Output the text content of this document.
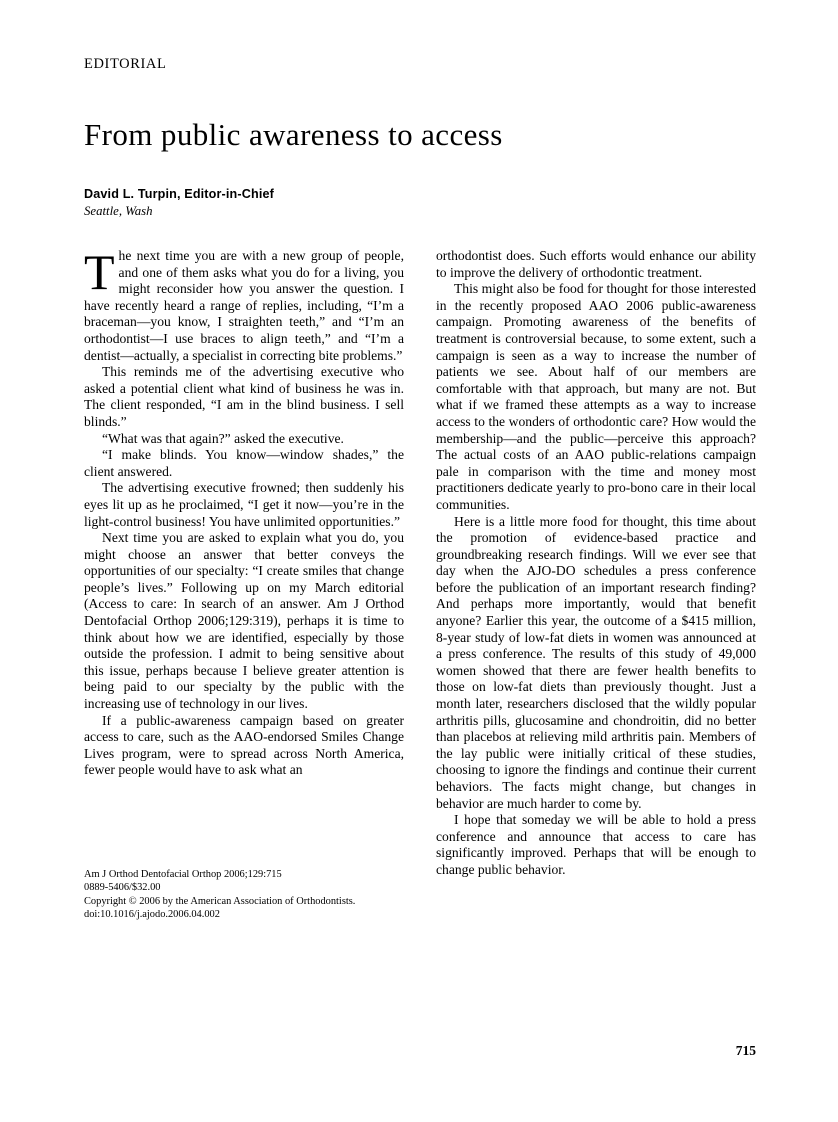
EDITORIAL
From public awareness to access
David L. Turpin, Editor-in-Chief
Seattle, Wash

The next time you are with a new group of people, and one of them asks what you do for a living, you might reconsider how you answer the question. I have recently heard a range of replies, including, “I’m a braceman—you know, I straighten teeth,” and “I’m an orthodontist—I use braces to align teeth,” and “I’m a dentist—actually, a specialist in correcting bite problems.”

This reminds me of the advertising executive who asked a potential client what kind of business he was in. The client responded, “I am in the blind business. I sell blinds.”

“What was that again?” asked the executive.

“I make blinds. You know—window shades,” the client answered.

The advertising executive frowned; then suddenly his eyes lit up as he proclaimed, “I get it now—you’re in the light-control business! You have unlimited opportunities.”

Next time you are asked to explain what you do, you might choose an answer that better conveys the opportunities of our specialty: “I create smiles that change people’s lives.” Following up on my March editorial (Access to care: In search of an answer. Am J Orthod Dentofacial Orthop 2006;129:319), perhaps it is time to think about how we are identified, especially by those outside the profession. I admit to being sensitive about this issue, perhaps because I believe greater attention is being paid to our specialty by the public with the increasing use of technology in our lives.

If a public-awareness campaign based on greater access to care, such as the AAO-endorsed Smiles Change Lives program, were to spread across North America, fewer people would have to ask what an

orthodontist does. Such efforts would enhance our ability to improve the delivery of orthodontic treatment.

This might also be food for thought for those interested in the recently proposed AAO 2006 public-awareness campaign. Promoting awareness of the benefits of treatment is controversial because, to some extent, such a campaign is seen as a way to increase the number of patients we see. About half of our members are comfortable with that approach, but many are not. But what if we framed these attempts as a way to increase access to the wonders of orthodontic care? How would the membership—and the public—perceive this approach? The actual costs of an AAO public-relations campaign pale in comparison with the time and money most practitioners dedicate yearly to pro-bono care in their local communities.

Here is a little more food for thought, this time about the promotion of evidence-based practice and groundbreaking research findings. Will we ever see that day when the AJO-DO schedules a press conference before the publication of an important research finding? And perhaps more importantly, would that benefit anyone? Earlier this year, the outcome of a $415 million, 8-year study of low-fat diets in women was announced at a press conference. The results of this study of 49,000 women showed that there are fewer health benefits to those on low-fat diets than previously thought. Just a month later, researchers disclosed that the wildly popular arthritis pills, glucosamine and chondroitin, did no better than placebos at relieving mild arthritis pain. Members of the lay public were initially critical of these studies, choosing to ignore the findings and continue their current behaviors. The facts might change, but changes in behavior are much harder to come by.

I hope that someday we will be able to hold a press conference and announce that access to care has significantly improved. Perhaps that will be enough to change public behavior.

Am J Orthod Dentofacial Orthop 2006;129:715
0889-5406/$32.00
Copyright © 2006 by the American Association of Orthodontists.
doi:10.1016/j.ajodo.2006.04.002
715
